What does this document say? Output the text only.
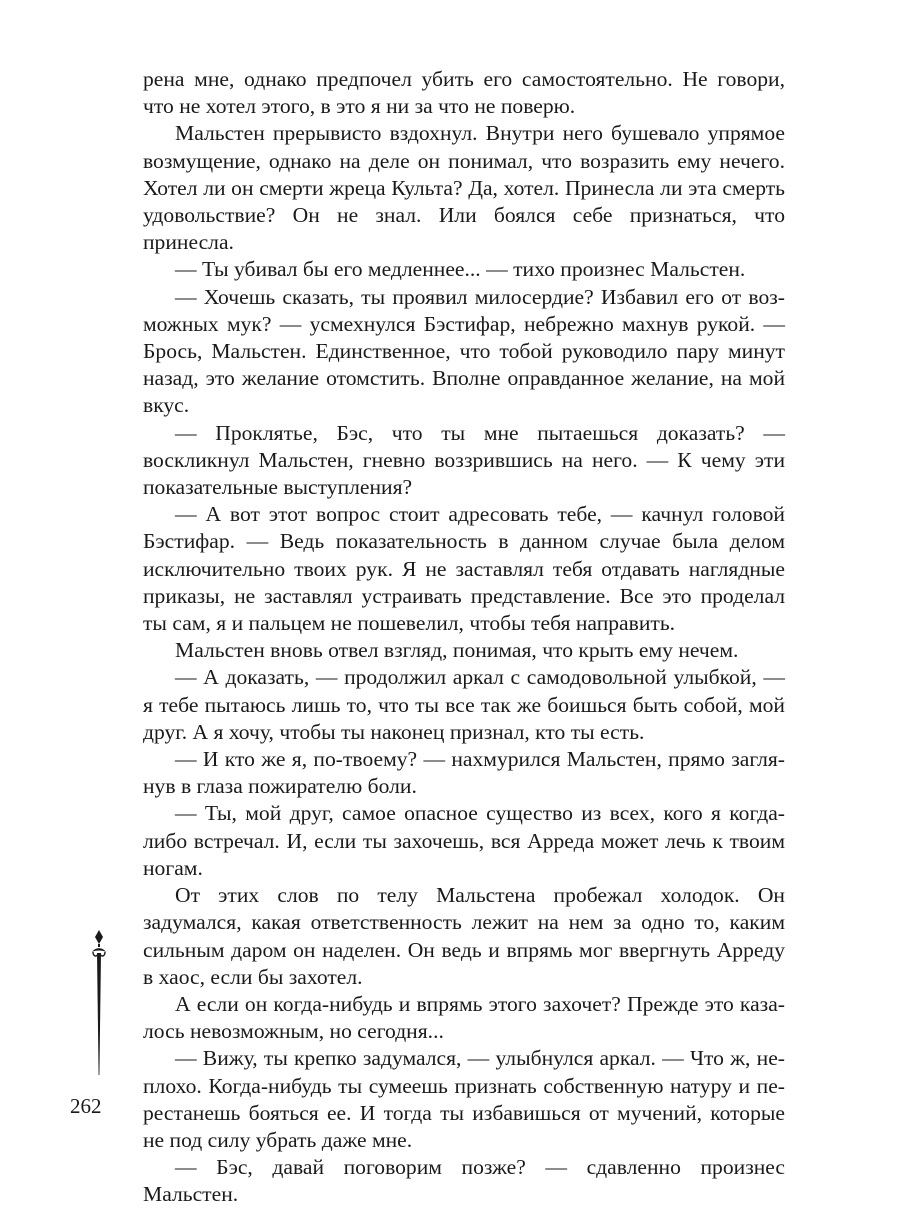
рена мне, однако предпочел убить его самостоятельно. Не говори, что не хотел этого, в это я ни за что не поверю.

Мальстен прерывисто вздохнул. Внутри него бушевало упрямое возмущение, однако на деле он понимал, что возразить ему нечего. Хотел ли он смерти жреца Культа? Да, хотел. Принесла ли эта смерть удовольствие? Он не знал. Или боялся себе признаться, что принесла.

— Ты убивал бы его медленнее... — тихо произнес Мальстен.

— Хочешь сказать, ты проявил милосердие? Избавил его от возможных мук? — усмехнулся Бэстифар, небрежно махнув рукой. — Брось, Мальстен. Единственное, что тобой руководило пару минут назад, это желание отомстить. Вполне оправданное желание, на мой вкус.

— Проклятье, Бэс, что ты мне пытаешься доказать? — воскликнул Мальстен, гневно воззрившись на него. — К чему эти показательные выступления?

— А вот этот вопрос стоит адресовать тебе, — качнул головой Бэстифар. — Ведь показательность в данном случае была делом исключительно твоих рук. Я не заставлял тебя отдавать наглядные приказы, не заставлял устраивать представление. Все это проделал ты сам, я и пальцем не пошевелил, чтобы тебя направить.

Мальстен вновь отвел взгляд, понимая, что крыть ему нечем.

— А доказать, — продолжил аркал с самодовольной улыбкой, — я тебе пытаюсь лишь то, что ты все так же боишься быть собой, мой друг. А я хочу, чтобы ты наконец признал, кто ты есть.

— И кто же я, по-твоему? — нахмурился Мальстен, прямо заглянув в глаза пожирателю боли.

— Ты, мой друг, самое опасное существо из всех, кого я когда-либо встречал. И, если ты захочешь, вся Арреда может лечь к твоим ногам.

От этих слов по телу Мальстена пробежал холодок. Он задумался, какая ответственность лежит на нем за одно то, каким сильным даром он наделен. Он ведь и впрямь мог ввергнуть Арреду в хаос, если бы захотел.

А если он когда-нибудь и впрямь этого захочет? Прежде это казалось невозможным, но сегодня...

— Вижу, ты крепко задумался, — улыбнулся аркал. — Что ж, неплохо. Когда-нибудь ты сумеешь признать собственную натуру и перестанешь бояться ее. И тогда ты избавишься от мучений, которые не под силу убрать даже мне.

— Бэс, давай поговорим позже? — сдавленно произнес Мальстен.

262
